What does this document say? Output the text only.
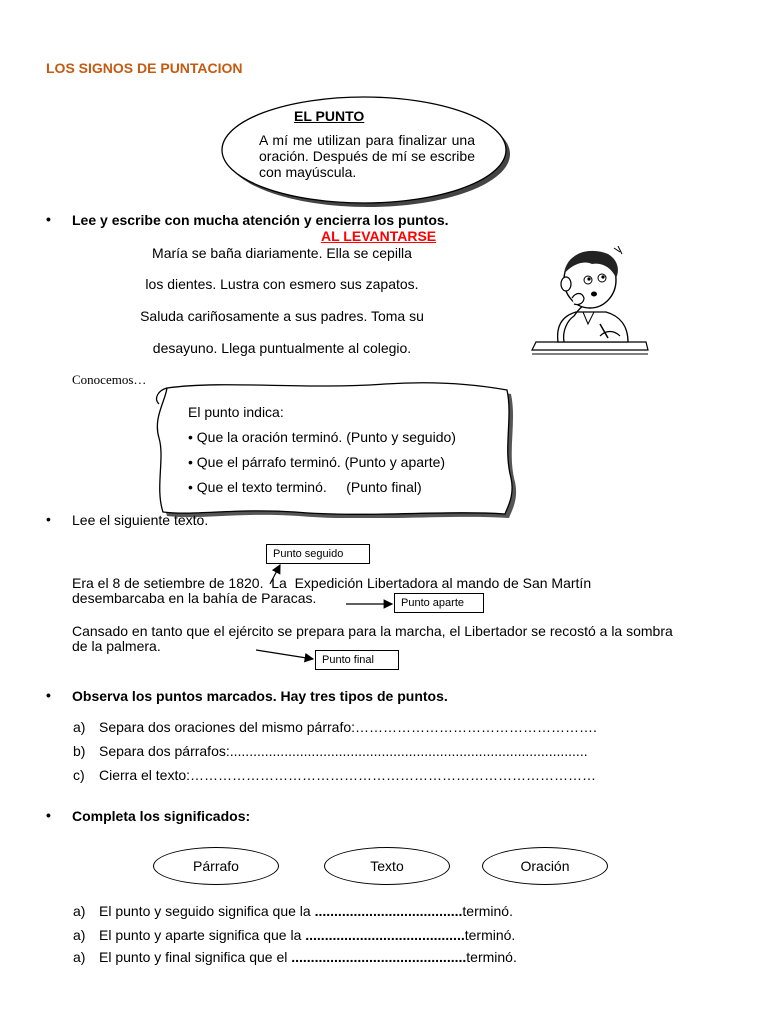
LOS SIGNOS DE PUNTACION
EL PUNTO
A mí me utilizan para finalizar una oración. Después de mí se escribe con mayúscula.
• Lee y escribe con mucha atención y encierra los puntos.
AL LEVANTARSE
María se baña diariamente. Ella se cepilla
los dientes. Lustra con esmero sus zapatos.
Saluda cariñosamente a sus padres. Toma su
desayuno. Llega puntualmente al colegio.
Conocemos…
El punto indica:
• Que la oración terminó. (Punto y seguido)
• Que el párrafo terminó. (Punto y aparte)
• Que el texto terminó.     (Punto final)
• Lee el siguiente texto.
Punto seguido
Punto aparte
Punto final
Era el 8 de setiembre de 1820.  La  Expedición Libertadora al mando de San Martín
desembarcaba en la bahía de Paracas.
Cansado en tanto que el ejército se prepara para la marcha, el Libertador se recostó a la sombra
de la palmera.
• Observa los puntos marcados. Hay tres tipos de puntos.
a) Separa dos oraciones del mismo párrafo:…………………………………………….
b) Separa dos párrafos:............................................................................................
c) Cierra el texto:……………………………………………………………………………
• Completa los significados:
Párrafo	Texto	Oración
a) El punto y seguido significa que la ......................................terminó.
a) El punto y aparte significa que la .........................................terminó.
a) El punto y final significa que el .............................................terminó.
